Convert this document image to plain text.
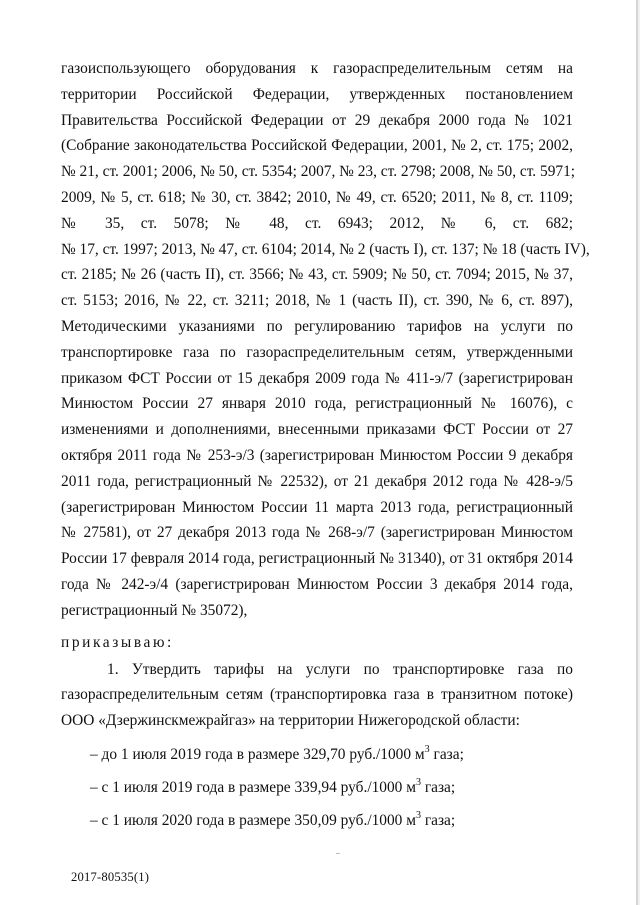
газоиспользующего оборудования к газораспределительным сетям на
территории Российской Федерации, утвержденных постановлением
Правительства Российской Федерации от 29 декабря 2000 года № 1021
(Собрание законодательства Российской Федерации, 2001, № 2, ст. 175; 2002,
№ 21, ст. 2001; 2006, № 50, ст. 5354; 2007, № 23, ст. 2798; 2008, № 50, ст. 5971;
2009, № 5, ст. 618; № 30, ст. 3842; 2010, № 49, ст. 6520; 2011, № 8, ст. 1109;
№ 35, ст. 5078; № 48, ст. 6943; 2012, № 6, ст. 682;
№ 17, ст. 1997; 2013, № 47, ст. 6104; 2014, № 2 (часть I), ст. 137; № 18 (часть IV),
ст. 2185; № 26 (часть II), ст. 3566; № 43, ст. 5909; № 50, ст. 7094; 2015, № 37,
ст. 5153; 2016, № 22, ст. 3211; 2018, № 1 (часть II), ст. 390, № 6, ст. 897),
Методическими указаниями по регулированию тарифов на услуги по
транспортировке газа по газораспределительным сетям, утвержденными
приказом ФСТ России от 15 декабря 2009 года № 411-э/7 (зарегистрирован
Минюстом России 27 января 2010 года, регистрационный № 16076), с
изменениями и дополнениями, внесенными приказами ФСТ России от 27
октября 2011 года № 253-э/3 (зарегистрирован Минюстом России 9 декабря
2011 года, регистрационный № 22532), от 21 декабря 2012 года № 428-э/5
(зарегистрирован Минюстом России 11 марта 2013 года, регистрационный
№ 27581), от 27 декабря 2013 года № 268-э/7 (зарегистрирован Минюстом
России 17 февраля 2014 года, регистрационный № 31340), от 31 октября 2014
года № 242-э/4 (зарегистрирован Минюстом России 3 декабря 2014 года,
регистрационный № 35072),
приказываю:
1. Утвердить тарифы на услуги по транспортировке газа по
газораспределительным сетям (транспортировка газа в транзитном потоке)
ООО «Дзержинскмежрайгаз» на территории Нижегородской области:
– до 1 июля 2019 года в размере 329,70 руб./1000 $м^3$ газа;
– с 1 июля 2019 года в размере 339,94 руб./1000 $м^3$ газа;
– с 1 июля 2020 года в размере 350,09 руб./1000 $м^3$ газа;
2017-80535(1)
